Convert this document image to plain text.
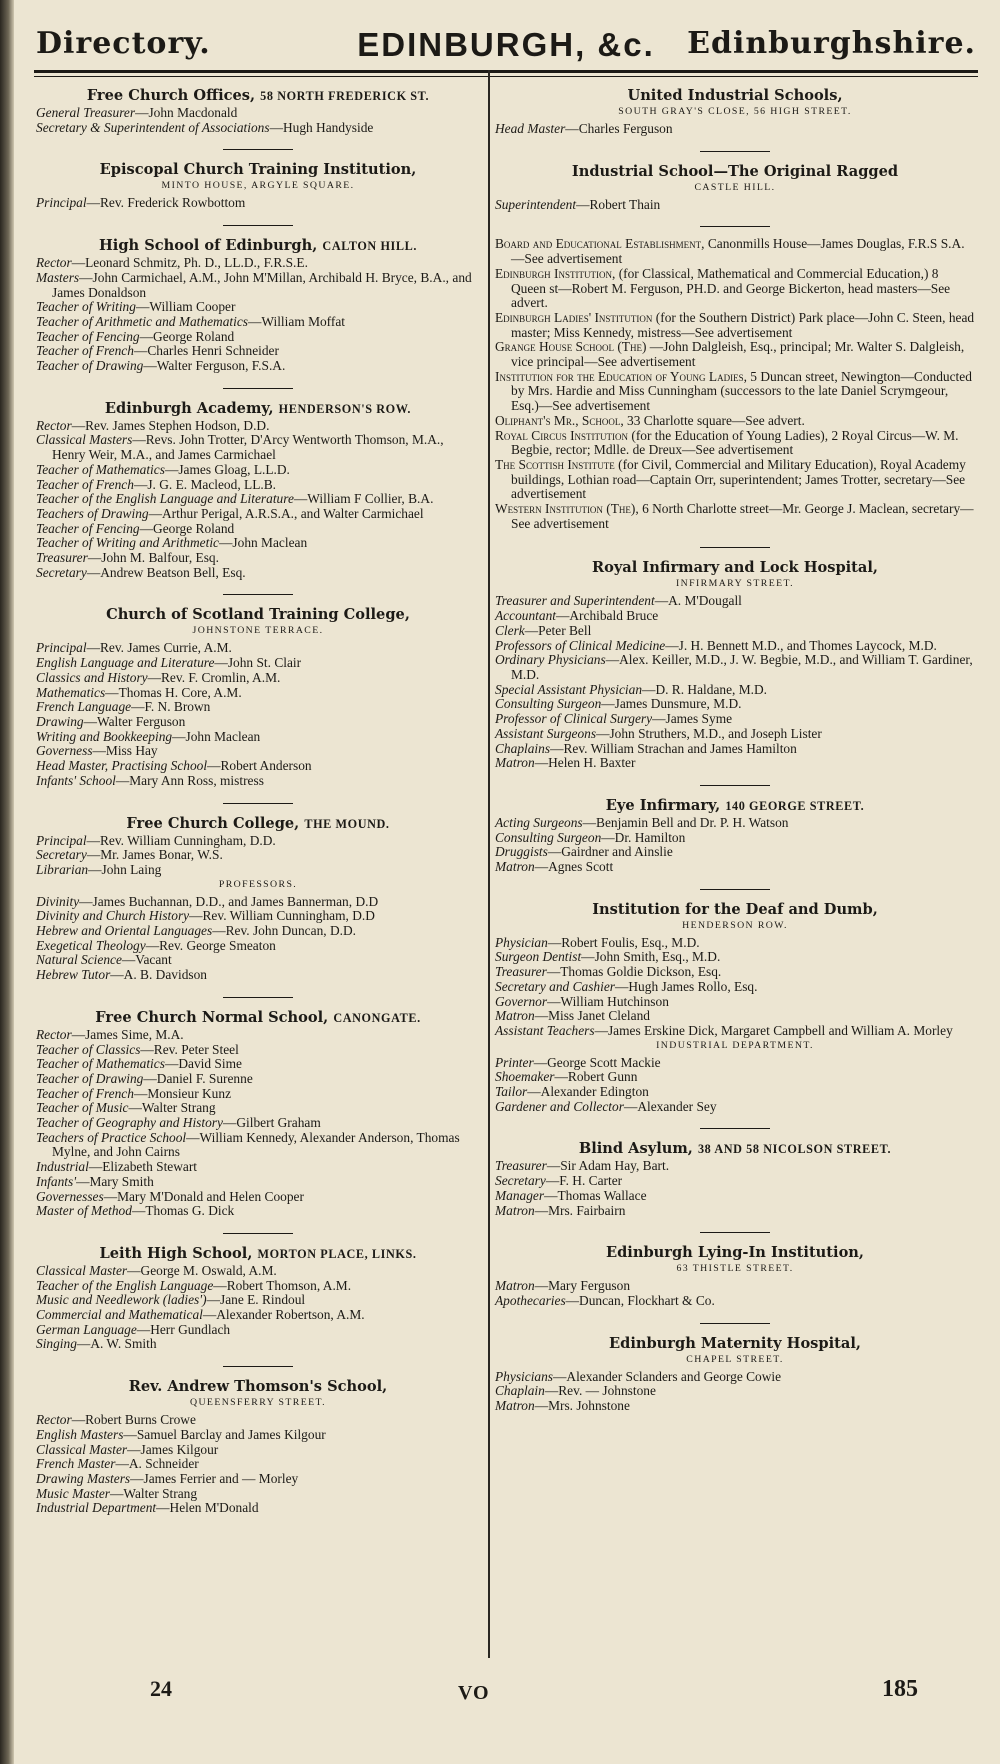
Directory.	EDINBURGH, &c.	Edinburghshire.
Free Church Offices, 58 NORTH FREDERICK ST.
General Treasurer—John Macdonald
Secretary & Superintendent of Associations—Hugh Handyside
Episcopal Church Training Institution,
MINTO HOUSE, ARGYLE SQUARE.
Principal—Rev. Frederick Rowbottom
High School of Edinburgh, CALTON HILL.
Rector—Leonard Schmitz, Ph. D., LL.D., F.R.S.E.
Masters—John Carmichael, A.M., John M'Millan, Archibald H. Bryce, B.A., and James Donaldson
Teacher of Writing—William Cooper
Teacher of Arithmetic and Mathematics—William Moffat
Teacher of Fencing—George Roland
Teacher of French—Charles Henri Schneider
Teacher of Drawing—Walter Ferguson, F.S.A.
Edinburgh Academy, HENDERSON'S ROW.
Rector—Rev. James Stephen Hodson, D.D.
Classical Masters—Revs. John Trotter, D'Arcy Wentworth Thomson, M.A., Henry Weir, M.A., and James Carmichael
Teacher of Mathematics—James Gloag, L.L.D.
Teacher of French—J. G. E. Macleod, LL.B.
Teacher of the English Language and Literature—William F Collier, B.A.
Teachers of Drawing—Arthur Perigal, A.R.S.A., and Walter Carmichael
Teacher of Fencing—George Roland
Teacher of Writing and Arithmetic—John Maclean
Treasurer—John M. Balfour, Esq.
Secretary—Andrew Beatson Bell, Esq.
Church of Scotland Training College,
JOHNSTONE TERRACE.
Principal—Rev. James Currie, A.M.
English Language and Literature—John St. Clair
Classics and History—Rev. F. Cromlin, A.M.
Mathematics—Thomas H. Core, A.M.
French Language—F. N. Brown
Drawing—Walter Ferguson
Writing and Bookkeeping—John Maclean
Governess—Miss Hay
Head Master, Practising School—Robert Anderson
Infants' School—Mary Ann Ross, mistress
Free Church College, THE MOUND.
Principal—Rev. William Cunningham, D.D.
Secretary—Mr. James Bonar, W.S.
Librarian—John Laing
PROFESSORS.
Divinity—James Buchannan, D.D., and James Bannerman, D.D
Divinity and Church History—Rev. William Cunningham, D.D
Hebrew and Oriental Languages—Rev. John Duncan, D.D.
Exegetical Theology—Rev. George Smeaton
Natural Science—Vacant
Hebrew Tutor—A. B. Davidson
Free Church Normal School, CANONGATE.
Rector—James Sime, M.A.
Teacher of Classics—Rev. Peter Steel
Teacher of Mathematics—David Sime
Teacher of Drawing—Daniel F. Surenne
Teacher of French—Monsieur Kunz
Teacher of Music—Walter Strang
Teacher of Geography and History—Gilbert Graham
Teachers of Practice School—William Kennedy, Alexander Anderson, Thomas Mylne, and John Cairns
Industrial—Elizabeth Stewart
Infants'—Mary Smith
Governesses—Mary M'Donald and Helen Cooper
Master of Method—Thomas G. Dick
Leith High School, MORTON PLACE, LINKS.
Classical Master—George M. Oswald, A.M.
Teacher of the English Language—Robert Thomson, A.M.
Music and Needlework (ladies')—Jane E. Rindoul
Commercial and Mathematical—Alexander Robertson, A.M.
German Language—Herr Gundlach
Singing—A. W. Smith
Rev. Andrew Thomson's School,
QUEENSFERRY STREET.
Rector—Robert Burns Crowe
English Masters—Samuel Barclay and James Kilgour
Classical Master—James Kilgour
French Master—A. Schneider
Drawing Masters—James Ferrier and — Morley
Music Master—Walter Strang
Industrial Department—Helen M'Donald
United Industrial Schools,
SOUTH GRAY'S CLOSE, 56 HIGH STREET.
Head Master—Charles Ferguson
Industrial School—The Original Ragged
CASTLE HILL.
Superintendent—Robert Thain
Board and Educational Establishment, Canonmills House—James Douglas, F.R.S S.A.—See advertisement
Edinburgh Institution, (for Classical, Mathematical and Commercial Education,) 8 Queen st—Robert M. Ferguson, PH.D. and George Bickerton, head masters—See advert.
Edinburgh Ladies' Institution (for the Southern District) Park place—John C. Steen, head master; Miss Kennedy, mistress—See advertisement
Grange House School (The) —John Dalgleish, Esq., principal; Mr. Walter S. Dalgleish, vice principal—See advertisement
Institution for the Education of Young Ladies, 5 Duncan street, Newington—Conducted by Mrs. Hardie and Miss Cunningham (successors to the late Daniel Scrymgeour, Esq.)—See advertisement
Oliphant's Mr., School, 33 Charlotte square—See advert.
Royal Circus Institution (for the Education of Young Ladies), 2 Royal Circus—W. M. Begbie, rector; Mdlle. de Dreux—See advertisement
The Scottish Institute (for Civil, Commercial and Military Education), Royal Academy buildings, Lothian road—Captain Orr, superintendent; James Trotter, secretary—See advertisement
Western Institution (The), 6 North Charlotte street—Mr. George J. Maclean, secretary—See advertisement
Royal Infirmary and Lock Hospital,
INFIRMARY STREET.
Treasurer and Superintendent—A. M'Dougall
Accountant—Archibald Bruce
Clerk—Peter Bell
Professors of Clinical Medicine—J. H. Bennett M.D., and Thomes Laycock, M.D.
Ordinary Physicians—Alex. Keiller, M.D., J. W. Begbie, M.D., and William T. Gardiner, M.D.
Special Assistant Physician—D. R. Haldane, M.D.
Consulting Surgeon—James Dunsmure, M.D.
Professor of Clinical Surgery—James Syme
Assistant Surgeons—John Struthers, M.D., and Joseph Lister
Chaplains—Rev. William Strachan and James Hamilton
Matron—Helen H. Baxter
Eye Infirmary, 140 GEORGE STREET.
Acting Surgeons—Benjamin Bell and Dr. P. H. Watson
Consulting Surgeon—Dr. Hamilton
Druggists—Gairdner and Ainslie
Matron—Agnes Scott
Institution for the Deaf and Dumb,
HENDERSON ROW.
Physician—Robert Foulis, Esq., M.D.
Surgeon Dentist—John Smith, Esq., M.D.
Treasurer—Thomas Goldie Dickson, Esq.
Secretary and Cashier—Hugh James Rollo, Esq.
Governor—William Hutchinson
Matron—Miss Janet Cleland
Assistant Teachers—James Erskine Dick, Margaret Campbell and William A. Morley
INDUSTRIAL DEPARTMENT.
Printer—George Scott Mackie
Shoemaker—Robert Gunn
Tailor—Alexander Edington
Gardener and Collector—Alexander Sey
Blind Asylum, 38 AND 58 NICOLSON STREET.
Treasurer—Sir Adam Hay, Bart.
Secretary—F. H. Carter
Manager—Thomas Wallace
Matron—Mrs. Fairbairn
Edinburgh Lying-In Institution,
63 THISTLE STREET.
Matron—Mary Ferguson
Apothecaries—Duncan, Flockhart & Co.
Edinburgh Maternity Hospital,
CHAPEL STREET.
Physicians—Alexander Sclanders and George Cowie
Chaplain—Rev. — Johnstone
Matron—Mrs. Johnstone
24	VO	185
